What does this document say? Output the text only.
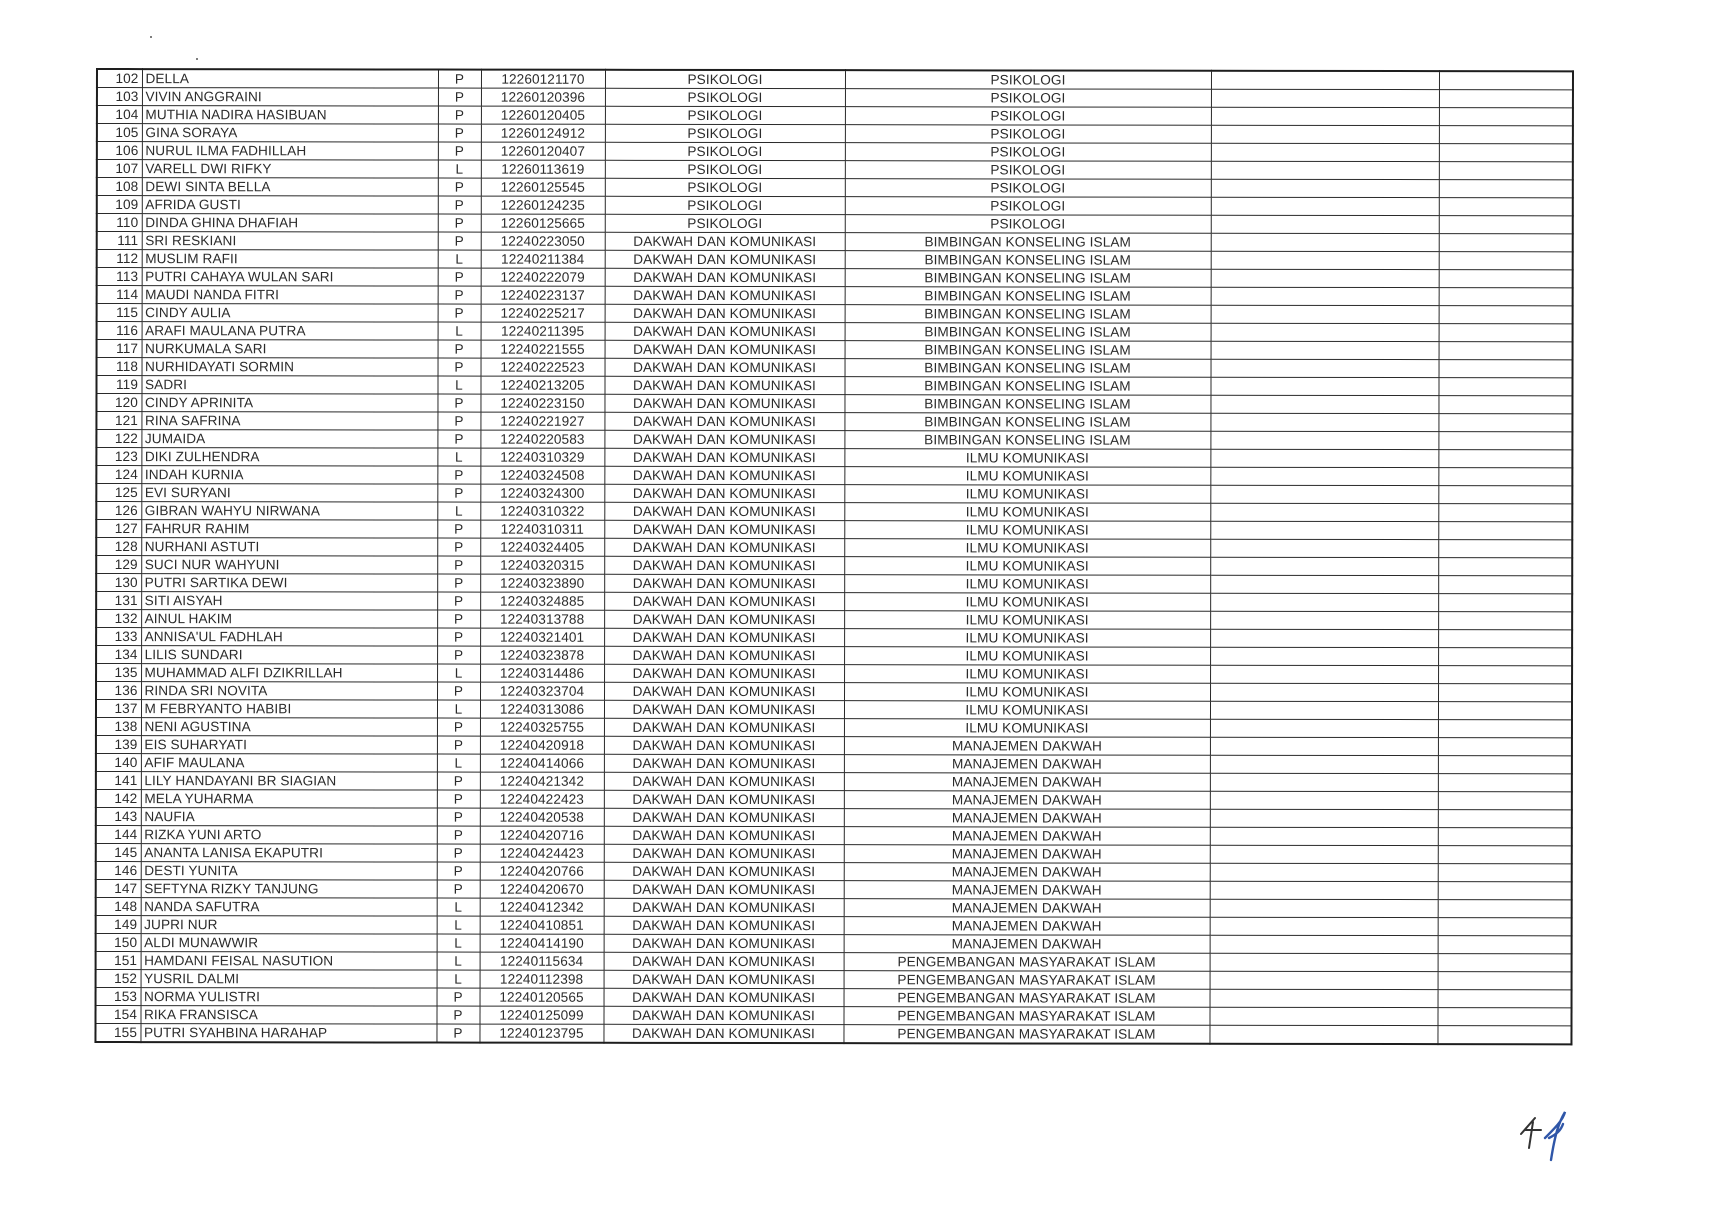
102	DELLA	P	12260121170	PSIKOLOGI	PSIKOLOGI		
103	VIVIN ANGGRAINI	P	12260120396	PSIKOLOGI	PSIKOLOGI		
104	MUTHIA NADIRA HASIBUAN	P	12260120405	PSIKOLOGI	PSIKOLOGI		
105	GINA SORAYA	P	12260124912	PSIKOLOGI	PSIKOLOGI		
106	NURUL ILMA FADHILLAH	P	12260120407	PSIKOLOGI	PSIKOLOGI		
107	VARELL DWI RIFKY	L	12260113619	PSIKOLOGI	PSIKOLOGI		
108	DEWI SINTA BELLA	P	12260125545	PSIKOLOGI	PSIKOLOGI		
109	AFRIDA GUSTI	P	12260124235	PSIKOLOGI	PSIKOLOGI		
110	DINDA GHINA DHAFIAH	P	12260125665	PSIKOLOGI	PSIKOLOGI		
111	SRI RESKIANI	P	12240223050	DAKWAH DAN KOMUNIKASI	BIMBINGAN KONSELING ISLAM		
112	MUSLIM RAFII	L	12240211384	DAKWAH DAN KOMUNIKASI	BIMBINGAN KONSELING ISLAM		
113	PUTRI CAHAYA WULAN SARI	P	12240222079	DAKWAH DAN KOMUNIKASI	BIMBINGAN KONSELING ISLAM		
114	MAUDI NANDA FITRI	P	12240223137	DAKWAH DAN KOMUNIKASI	BIMBINGAN KONSELING ISLAM		
115	CINDY AULIA	P	12240225217	DAKWAH DAN KOMUNIKASI	BIMBINGAN KONSELING ISLAM		
116	ARAFI MAULANA PUTRA	L	12240211395	DAKWAH DAN KOMUNIKASI	BIMBINGAN KONSELING ISLAM		
117	NURKUMALA SARI	P	12240221555	DAKWAH DAN KOMUNIKASI	BIMBINGAN KONSELING ISLAM		
118	NURHIDAYATI SORMIN	P	12240222523	DAKWAH DAN KOMUNIKASI	BIMBINGAN KONSELING ISLAM		
119	SADRI	L	12240213205	DAKWAH DAN KOMUNIKASI	BIMBINGAN KONSELING ISLAM		
120	CINDY APRINITA	P	12240223150	DAKWAH DAN KOMUNIKASI	BIMBINGAN KONSELING ISLAM		
121	RINA SAFRINA	P	12240221927	DAKWAH DAN KOMUNIKASI	BIMBINGAN KONSELING ISLAM		
122	JUMAIDA	P	12240220583	DAKWAH DAN KOMUNIKASI	BIMBINGAN KONSELING ISLAM		
123	DIKI ZULHENDRA	L	12240310329	DAKWAH DAN KOMUNIKASI	ILMU KOMUNIKASI		
124	INDAH KURNIA	P	12240324508	DAKWAH DAN KOMUNIKASI	ILMU KOMUNIKASI		
125	EVI SURYANI	P	12240324300	DAKWAH DAN KOMUNIKASI	ILMU KOMUNIKASI		
126	GIBRAN WAHYU NIRWANA	L	12240310322	DAKWAH DAN KOMUNIKASI	ILMU KOMUNIKASI		
127	FAHRUR RAHIM	P	12240310311	DAKWAH DAN KOMUNIKASI	ILMU KOMUNIKASI		
128	NURHANI ASTUTI	P	12240324405	DAKWAH DAN KOMUNIKASI	ILMU KOMUNIKASI		
129	SUCI NUR WAHYUNI	P	12240320315	DAKWAH DAN KOMUNIKASI	ILMU KOMUNIKASI		
130	PUTRI SARTIKA DEWI	P	12240323890	DAKWAH DAN KOMUNIKASI	ILMU KOMUNIKASI		
131	SITI AISYAH	P	12240324885	DAKWAH DAN KOMUNIKASI	ILMU KOMUNIKASI		
132	AINUL HAKIM	P	12240313788	DAKWAH DAN KOMUNIKASI	ILMU KOMUNIKASI		
133	ANNISA'UL FADHLAH	P	12240321401	DAKWAH DAN KOMUNIKASI	ILMU KOMUNIKASI		
134	LILIS SUNDARI	P	12240323878	DAKWAH DAN KOMUNIKASI	ILMU KOMUNIKASI		
135	MUHAMMAD ALFI DZIKRILLAH	L	12240314486	DAKWAH DAN KOMUNIKASI	ILMU KOMUNIKASI		
136	RINDA SRI NOVITA	P	12240323704	DAKWAH DAN KOMUNIKASI	ILMU KOMUNIKASI		
137	M FEBRYANTO HABIBI	L	12240313086	DAKWAH DAN KOMUNIKASI	ILMU KOMUNIKASI		
138	NENI AGUSTINA	P	12240325755	DAKWAH DAN KOMUNIKASI	ILMU KOMUNIKASI		
139	EIS SUHARYATI	P	12240420918	DAKWAH DAN KOMUNIKASI	MANAJEMEN DAKWAH		
140	AFIF MAULANA	L	12240414066	DAKWAH DAN KOMUNIKASI	MANAJEMEN DAKWAH		
141	LILY HANDAYANI BR SIAGIAN	P	12240421342	DAKWAH DAN KOMUNIKASI	MANAJEMEN DAKWAH		
142	MELA YUHARMA	P	12240422423	DAKWAH DAN KOMUNIKASI	MANAJEMEN DAKWAH		
143	NAUFIA	P	12240420538	DAKWAH DAN KOMUNIKASI	MANAJEMEN DAKWAH		
144	RIZKA YUNI ARTO	P	12240420716	DAKWAH DAN KOMUNIKASI	MANAJEMEN DAKWAH		
145	ANANTA LANISA EKAPUTRI	P	12240424423	DAKWAH DAN KOMUNIKASI	MANAJEMEN DAKWAH		
146	DESTI YUNITA	P	12240420766	DAKWAH DAN KOMUNIKASI	MANAJEMEN DAKWAH		
147	SEFTYNA RIZKY TANJUNG	P	12240420670	DAKWAH DAN KOMUNIKASI	MANAJEMEN DAKWAH		
148	NANDA SAFUTRA	L	12240412342	DAKWAH DAN KOMUNIKASI	MANAJEMEN DAKWAH		
149	JUPRI NUR	L	12240410851	DAKWAH DAN KOMUNIKASI	MANAJEMEN DAKWAH		
150	ALDI MUNAWWIR	L	12240414190	DAKWAH DAN KOMUNIKASI	MANAJEMEN DAKWAH		
151	HAMDANI FEISAL NASUTION	L	12240115634	DAKWAH DAN KOMUNIKASI	PENGEMBANGAN MASYARAKAT ISLAM		
152	YUSRIL DALMI	L	12240112398	DAKWAH DAN KOMUNIKASI	PENGEMBANGAN MASYARAKAT ISLAM		
153	NORMA YULISTRI	P	12240120565	DAKWAH DAN KOMUNIKASI	PENGEMBANGAN MASYARAKAT ISLAM		
154	RIKA FRANSISCA	P	12240125099	DAKWAH DAN KOMUNIKASI	PENGEMBANGAN MASYARAKAT ISLAM		
155	PUTRI SYAHBINA HARAHAP	P	12240123795	DAKWAH DAN KOMUNIKASI	PENGEMBANGAN MASYARAKAT ISLAM		
